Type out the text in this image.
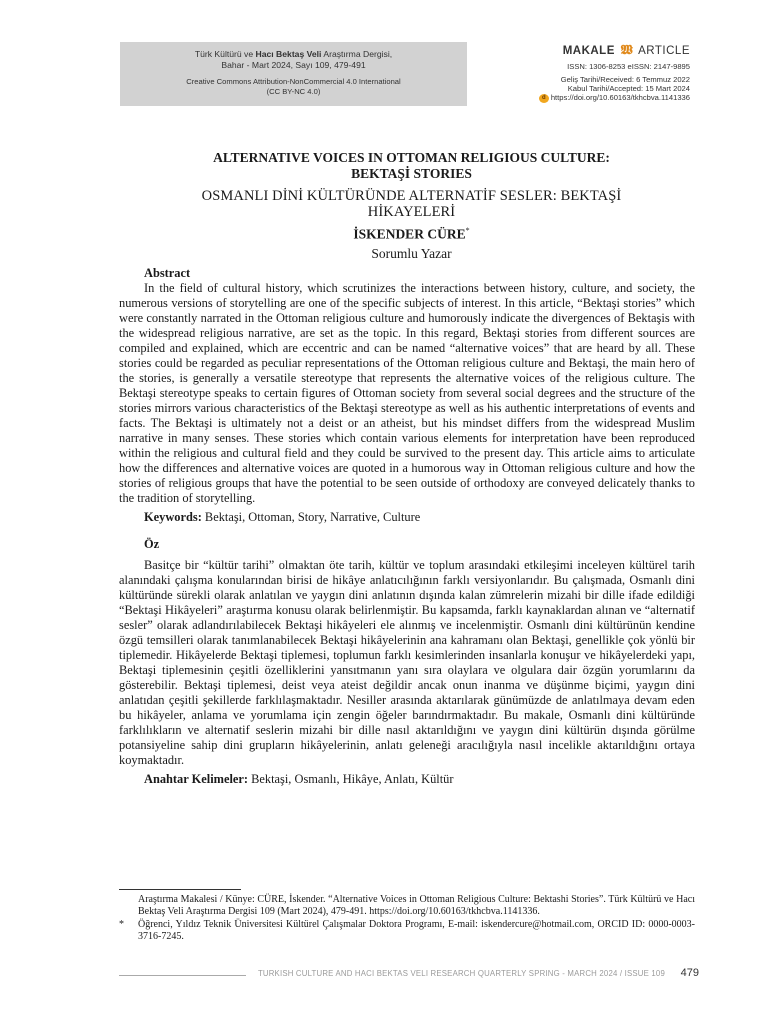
Türk Kültürü ve Hacı Bektaş Veli Araştırma Dergisi,
Bahar - Mart 2024, Sayı 109, 479-491
Creative Commons Attribution-NonCommercial 4.0 International
(CC BY-NC 4.0)
MAKALE 𝖂 ARTICLE
ISSN: 1306-8253 eISSN: 2147-9895
Geliş Tarihi/Received: 6 Temmuz 2022
Kabul Tarihi/Accepted: 15 Mart 2024
d https://doi.org/10.60163/tkhcbva.1141336
ALTERNATIVE VOICES IN OTTOMAN RELIGIOUS CULTURE:
BEKTAŞİ STORIES
OSMANLI DİNİ KÜLTÜRÜNDE ALTERNATİF SESLER: BEKTAŞİ
HİKAYELERİ
İSKENDER CÜRE*
Sorumlu Yazar
Abstract

In the field of cultural history, which scrutinizes the interactions between history, culture, and society, the numerous versions of storytelling are one of the specific subjects of interest. In this article, “Bektaşi stories” which were constantly narrated in the Ottoman religious culture and humorously indicate the divergences of Bektaşis with the widespread religious narrative, are set as the topic. In this regard, Bektaşi stories from different sources are compiled and explained, which are eccentric and can be named “alternative voices” that are heard by all. These stories could be regarded as peculiar representations of the Ottoman religious culture and Bektaşi, the main hero of the stories, is generally a versatile stereotype that represents the alternative voices of the religious culture. The Bektaşi stereotype speaks to certain figures of Ottoman society from several social degrees and the structure of the stories mirrors various characteristics of the Bektaşi stereotype as well as his authentic interpretations of events and facts. The Bektaşi is ultimately not a deist or an atheist, but his mindset differs from the widespread Muslim narrative in many senses. These stories which contain various elements for interpretation have been reproduced within the religious and cultural field and they could be survived to the present day. This article aims to articulate how the differences and alternative voices are quoted in a humorous way in Ottoman religious culture and how the stories of religious groups that have the potential to be seen outside of orthodoxy are conveyed delicately thanks to the tradition of storytelling.

Keywords: Bektaşi, Ottoman, Story, Narrative, Culture
Öz

Basitçe bir “kültür tarihi” olmaktan öte tarih, kültür ve toplum arasındaki etkileşimi inceleyen kültürel tarih alanındaki çalışma konularından birisi de hikâye anlatıcılığının farklı versiyonlarıdır. Bu çalışmada, Osmanlı dini kültüründe sürekli olarak anlatılan ve yaygın dini anlatının dışında kalan zümrelerin mizahi bir dille ifade edildiği “Bektaşi Hikâyeleri” araştırma konusu olarak belirlenmiştir. Bu kapsamda, farklı kaynaklardan alınan ve “alternatif sesler” olarak adlandırılabilecek Bektaşi hikâyeleri ele alınmış ve incelenmiştir. Osmanlı dini kültürünün kendine özgü temsilleri olarak tanımlanabilecek Bektaşi hikâyelerinin ana kahramanı olan Bektaşi, genellikle çok yönlü bir tiplemedir. Hikâyelerde Bektaşi tiplemesi, toplumun farklı kesimlerinden insanlarla konuşur ve hikâyelerdeki yapı, Bektaşi tiplemesinin çeşitli özelliklerini yansıtmanın yanı sıra olaylara ve olgulara dair özgün yorumlarını da gösterebilir. Bektaşi tiplemesi, deist veya ateist değildir ancak onun inanma ve düşünme biçimi, yaygın dini anlatıdan çeşitli şekillerde farklılaşmaktadır. Nesiller arasında aktarılarak günümüzde de anlatılmaya devam eden bu hikâyeler, anlama ve yorumlama için zengin öğeler barındırmaktadır. Bu makale, Osmanlı dini kültüründe farklılıkların ve alternatif seslerin mizahi bir dille nasıl aktarıldığını ve yaygın dini kültürün dışında görülme potansiyeline sahip dini grupların hikâyelerinin, anlatı geleneği aracılığıyla nasıl incelikle aktarıldığını ortaya koymaktadır.

Anahtar Kelimeler: Bektaşi, Osmanlı, Hikâye, Anlatı, Kültür
Araştırma Makalesi / Künye: CÜRE, İskender. “Alternative Voices in Ottoman Religious Culture: Bektashi Stories”. Türk Kültürü ve Hacı Bektaş Veli Araştırma Dergisi 109 (Mart 2024), 479-491. https://doi.org/10.60163/tkhcbva.1141336.
* Öğrenci, Yıldız Teknik Üniversitesi Kültürel Çalışmalar Doktora Programı, E-mail: iskendercure@hotmail.com, ORCID ID: 0000-0003-3716-7245.
TURKISH CULTURE AND HACI BEKTAS VELI RESEARCH QUARTERLY SPRING - MARCH 2024 / ISSUE 109 479
